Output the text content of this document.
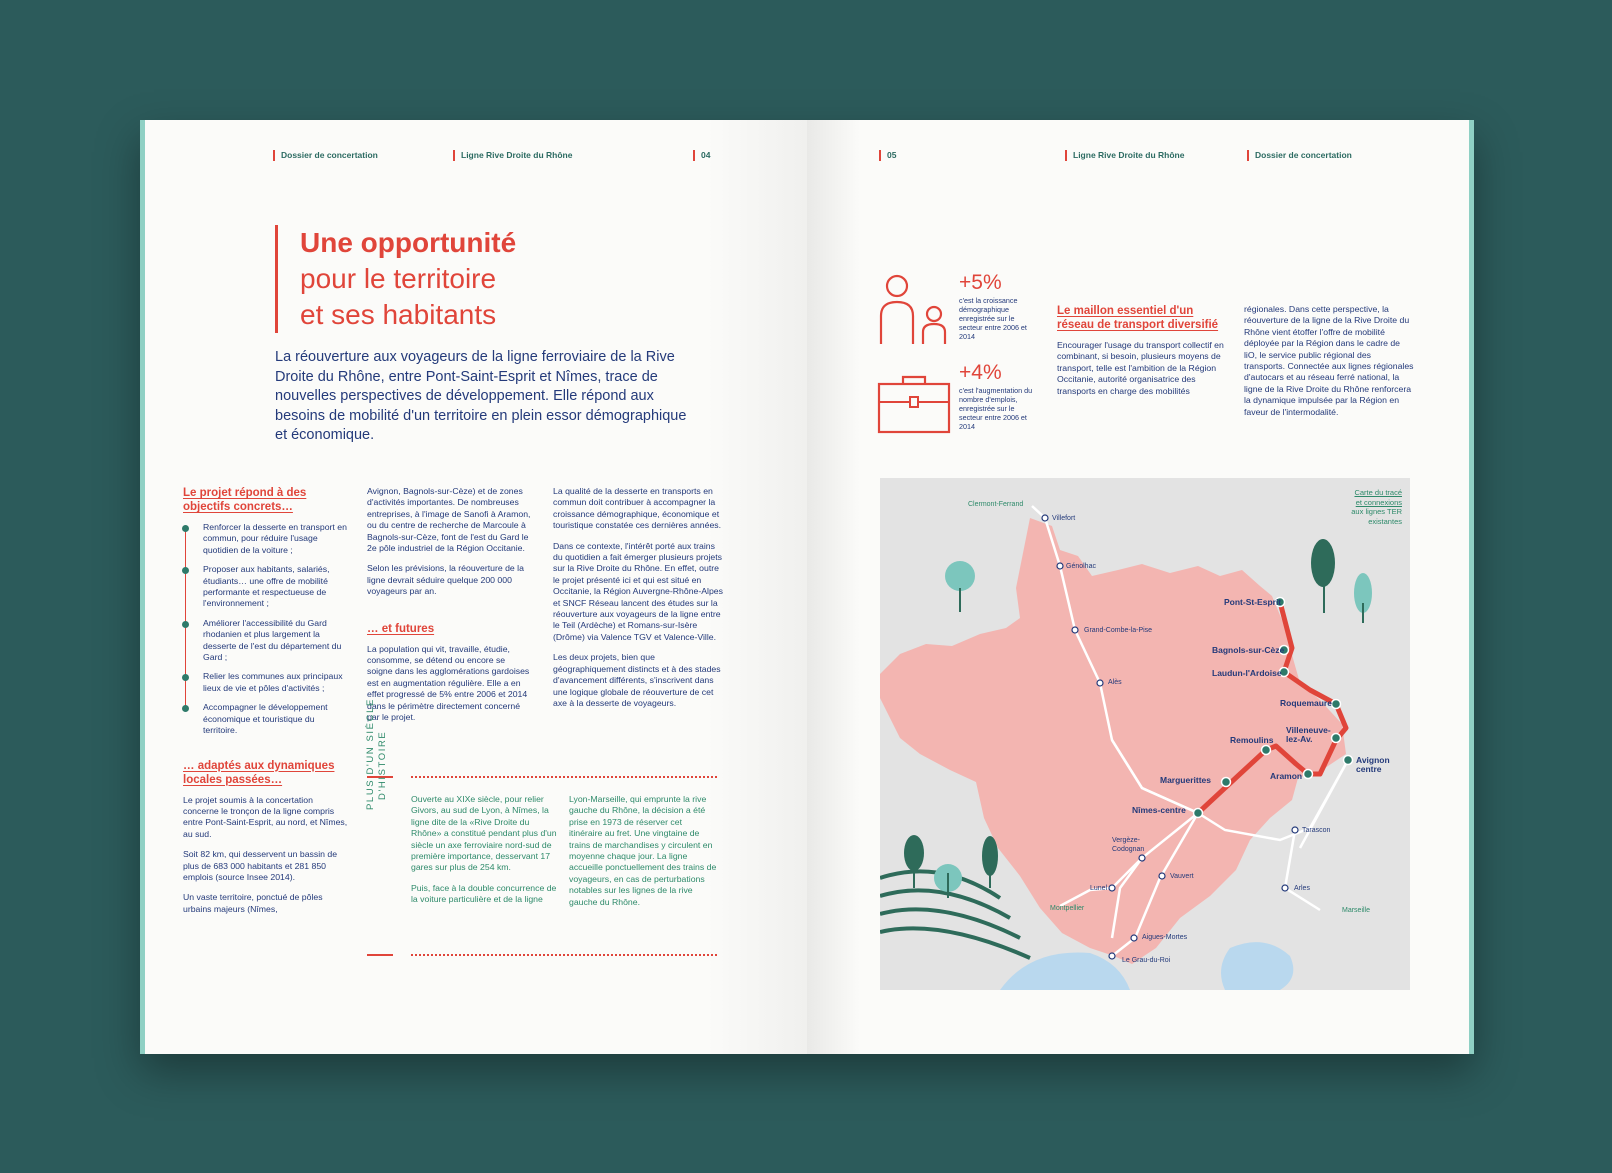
Dossier de concertation	Ligne Rive Droite du Rhône	04
Une opportunité
pour le territoire
et ses habitants
La réouverture aux voyageurs de la ligne ferroviaire de la Rive Droite du Rhône, entre Pont-Saint-Esprit et Nîmes, trace de nouvelles perspectives de développement. Elle répond aux besoins de mobilité d'un territoire en plein essor démographique et économique.
Le projet répond à des objectifs concrets…
Renforcer la desserte en transport en commun, pour réduire l'usage quotidien de la voiture ;
Proposer aux habitants, salariés, étudiants… une offre de mobilité performante et respectueuse de l'environnement ;
Améliorer l'accessibilité du Gard rhodanien et plus largement la desserte de l'est du département du Gard ;
Relier les communes aux principaux lieux de vie et pôles d'activités ;
Accompagner le développement économique et touristique du territoire.
… adaptés aux dynamiques locales passées…

Le projet soumis à la concertation concerne le tronçon de la ligne compris entre Pont-Saint-Esprit, au nord, et Nîmes, au sud.

Soit 82 km, qui desservent un bassin de plus de 683 000 habitants et 281 850 emplois (source Insee 2014).

Un vaste territoire, ponctué de pôles urbains majeurs (Nîmes,

Avignon, Bagnols-sur-Cèze) et de zones d'activités importantes. De nombreuses entreprises, à l'image de Sanofi à Aramon, ou du centre de recherche de Marcoule à Bagnols-sur-Cèze, font de l'est du Gard le 2e pôle industriel de la Région Occitanie.

Selon les prévisions, la réouverture de la ligne devrait séduire quelque 200 000 voyageurs par an.

… et futures

La population qui vit, travaille, étudie, consomme, se détend ou encore se soigne dans les agglomérations gardoises est en augmentation régulière. Elle a en effet progressé de 5% entre 2006 et 2014 dans le périmètre directement concerné par le projet.

La qualité de la desserte en transports en commun doit contribuer à accompagner la croissance démographique, économique et touristique constatée ces dernières années.

Dans ce contexte, l'intérêt porté aux trains du quotidien a fait émerger plusieurs projets sur la Rive Droite du Rhône. En effet, outre le projet présenté ici et qui est situé en Occitanie, la Région Auvergne-Rhône-Alpes et SNCF Réseau lancent des études sur la réouverture aux voyageurs de la ligne entre le Teil (Ardèche) et Romans-sur-Isère (Drôme) via Valence TGV et Valence-Ville.

Les deux projets, bien que géographiquement distincts et à des stades d'avancement différents, s'inscrivent dans une logique globale de réouverture de cet axe à la desserte de voyageurs.

PLUS D'UN SIÈCLE D'HISTOIRE	Ouverte au XIXe siècle, pour relier Givors, au sud de Lyon, à Nîmes, la ligne dite de la «Rive Droite du Rhône» a constitué pendant plus d'un siècle un axe ferroviaire nord-sud de première importance, desservant 17 gares sur plus de 254 km.

Puis, face à la double concurrence de la voiture particulière et de la ligne

Lyon-Marseille, qui emprunte la rive gauche du Rhône, la décision a été prise en 1973 de réserver cet itinéraire au fret. Une vingtaine de trains de marchandises y circulent en moyenne chaque jour. La ligne accueille ponctuellement des trains de voyageurs, en cas de perturbations notables sur les lignes de la rive gauche du Rhône.

05	Ligne Rive Droite du Rhône	Dossier de concertation
+5%
c'est la croissance démographique enregistrée sur le secteur entre 2006 et 2014
+4%
c'est l'augmentation du nombre d'emplois, enregistrée sur le secteur entre 2006 et 2014
Le maillon essentiel d'un réseau de transport diversifié

Encourager l'usage du transport collectif en combinant, si besoin, plusieurs moyens de transport, telle est l'ambition de la Région Occitanie, autorité organisatrice des transports en charge des mobilités

régionales. Dans cette perspective, la réouverture de la ligne de la Rive Droite du Rhône vient étoffer l'offre de mobilité déployée par la Région dans le cadre de liO, le service public régional des transports. Connectée aux lignes régionales d'autocars et au réseau ferré national, la ligne de la Rive Droite du Rhône renforcera la dynamique impulsée par la Région en faveur de l'intermodalité.

Carte du tracé
et connexions
aux lignes TER
existantes
Clermont-Ferrand
Villefort
Génolhac
Grand-Combe-la-Pise
Alès
Pont-St-Esprit
Bagnols-sur-Cèze
Laudun-l'Ardoise
Roquemaure
Villeneuve-lez-Av.
Remoulins
Avignon centre
Aramon
Marguerittes
Nîmes-centre
Vergèze-Codognan
Tarascon
Lunel
Vauvert
Arles
Montpellier	Marseille
Aigues-Mortes
Le Grau-du-Roi
